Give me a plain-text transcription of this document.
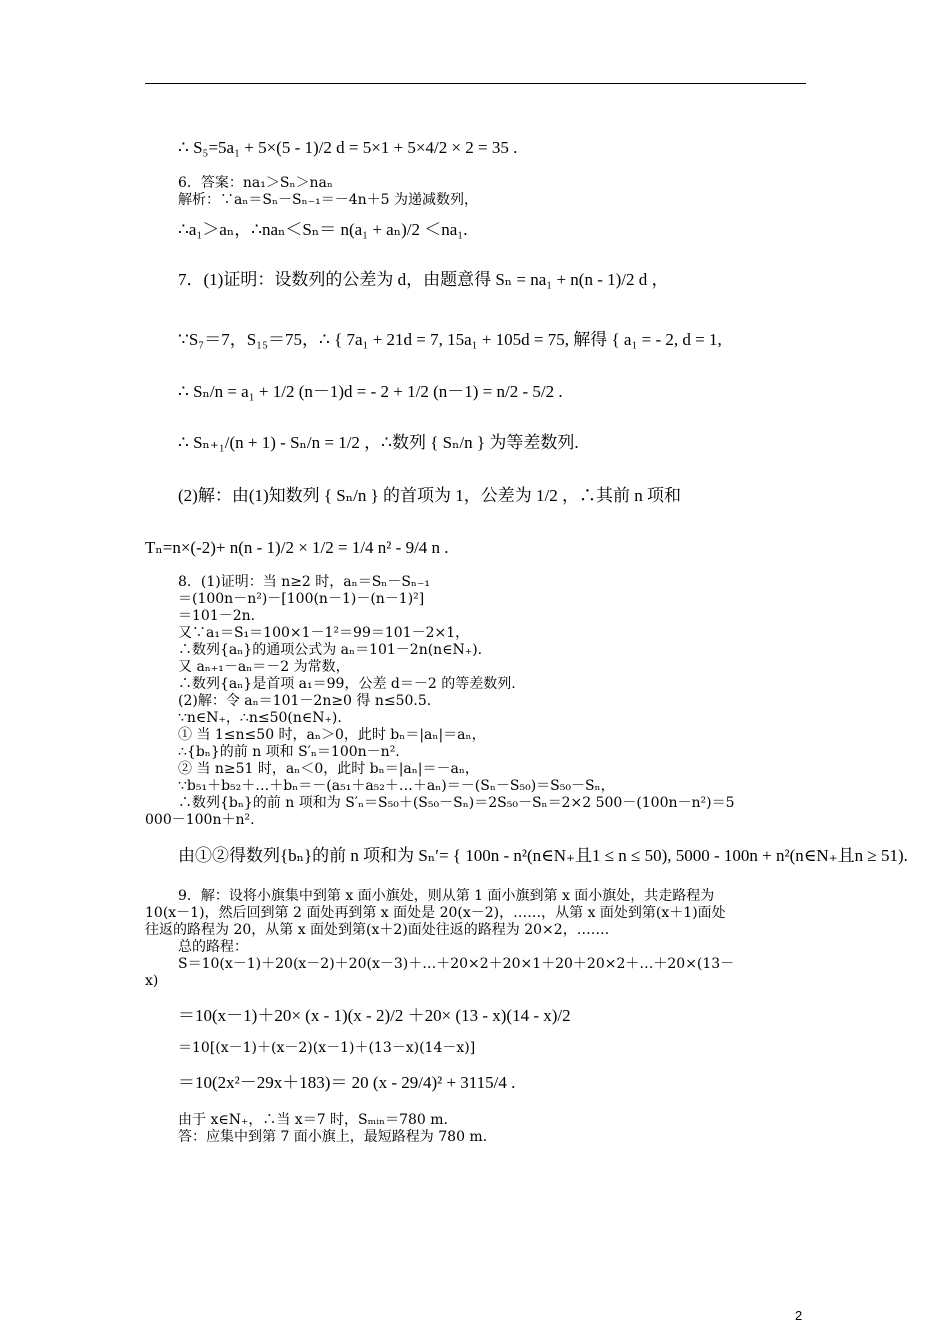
∴ S₅=5a₁ + 5×(5 - 1)/2 d = 5×1 + 5×4/2 × 2 = 35 .
6．答案：na₁＞Sₙ＞naₙ
解析：∵aₙ＝Sₙ－Sₙ₋₁＝－4n＋5 为递减数列，
∴a₁＞aₙ，∴naₙ＜Sₙ＝ n(a₁ + aₙ)/2 ＜na₁.
7．(1)证明：设数列的公差为 d，由题意得 Sₙ = na₁ + n(n - 1)/2 d ，
∵S₇＝7，S₁₅＝75，∴ { 7a₁ + 21d = 7, 15a₁ + 105d = 75, 解得 { a₁ = - 2, d = 1,
∴ Sₙ/n = a₁ + 1/2 (n－1)d = - 2 + 1/2 (n－1) = n/2 - 5/2 .
∴ Sₙ₊₁/(n + 1) - Sₙ/n = 1/2 ，∴数列 { Sₙ/n } 为等差数列.
(2)解：由(1)知数列 { Sₙ/n } 的首项为 1，公差为 1/2 ，∴其前 n 项和
Tₙ=n×(-2)+ n(n - 1)/2 × 1/2 = 1/4 n² - 9/4 n .
8．(1)证明：当 n≥2 时，aₙ＝Sₙ－Sₙ₋₁
＝(100n－n²)－[100(n－1)－(n－1)²]
＝101－2n.
又∵a₁＝S₁＝100×1－1²＝99＝101－2×1，
∴数列{aₙ}的通项公式为 aₙ＝101－2n(n∈N₊).
又 aₙ₊₁－aₙ＝－2 为常数，
∴数列{aₙ}是首项 a₁＝99，公差 d＝－2 的等差数列.
(2)解：令 aₙ＝101－2n≥0 得 n≤50.5.
∵n∈N₊，∴n≤50(n∈N₊).
① 当 1≤n≤50 时，aₙ＞0，此时 bₙ＝|aₙ|＝aₙ，
∴{bₙ}的前 n 项和 S′ₙ＝100n－n².
② 当 n≥51 时，aₙ＜0，此时 bₙ＝|aₙ|＝－aₙ，
∵b₅₁＋b₅₂＋…＋bₙ＝－(a₅₁＋a₅₂＋…＋aₙ)＝－(Sₙ－S₅₀)＝S₅₀－Sₙ，
∴数列{bₙ}的前 n 项和为 S′ₙ＝S₅₀＋(S₅₀－Sₙ)＝2S₅₀－Sₙ＝2×2 500－(100n－n²)＝5
000－100n＋n².
由①②得数列{bₙ}的前 n 项和为 Sₙ′= { 100n - n²(n∈N₊且1 ≤ n ≤ 50), 5000 - 100n + n²(n∈N₊且n ≥ 51).
9．解：设将小旗集中到第 x 面小旗处，则从第 1 面小旗到第 x 面小旗处，共走路程为
10(x－1)，然后回到第 2 面处再到第 x 面处是 20(x－2)，……，从第 x 面处到第(x＋1)面处
往返的路程为 20，从第 x 面处到第(x＋2)面处往返的路程为 20×2，…….
总的路程：
S＝10(x－1)＋20(x－2)＋20(x－3)＋…＋20×2＋20×1＋20＋20×2＋…＋20×(13－
x)
＝10(x－1)＋20× (x - 1)(x - 2)/2 ＋20× (13 - x)(14 - x)/2
＝10[(x－1)＋(x－2)(x－1)＋(13－x)(14－x)]
＝10(2x²－29x＋183)＝ 20 (x - 29/4)² + 3115/4 .
由于 x∈N₊，∴当 x＝7 时，Sₘᵢₙ＝780 m.
答：应集中到第 7 面小旗上，最短路程为 780 m.
2
